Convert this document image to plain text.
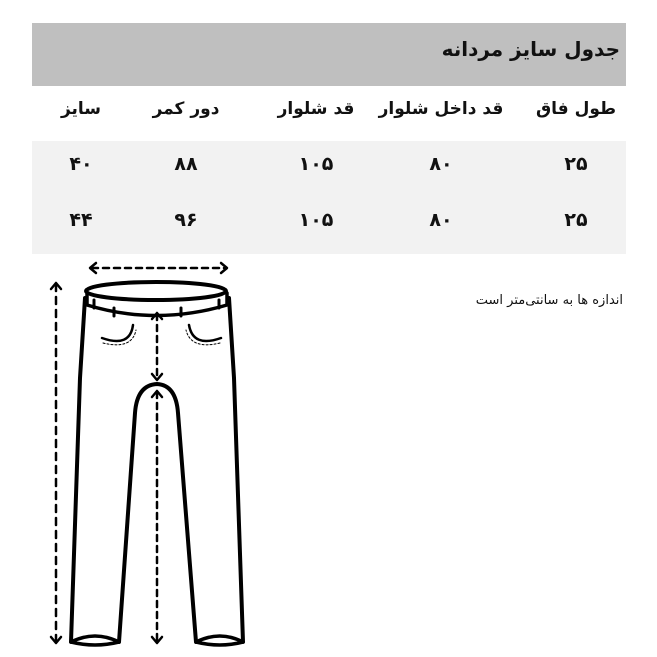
جدول سایز مردانه
طول فاق
قد داخل شلوار
قد شلوار
دور کمر
سایز
۲۵
۸۰
۱۰۵
۸۸
۴۰
۲۵
۸۰
۱۰۵
۹۶
۴۴
اندازه ها به سانتی‌متر است
